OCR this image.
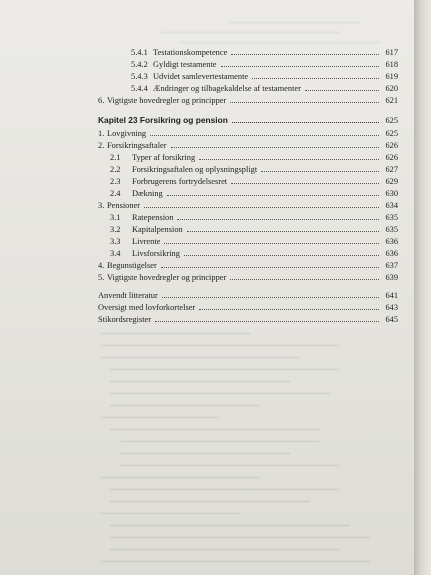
5.4.1 Testationskompetence	617
5.4.2 Gyldigt testamente	618
5.4.3 Udvidet samlevertestamente	619
5.4.4 Ændringer og tilbagekaldelse af testamenter	620
6. Vigtigste hovedregler og principper	621
Kapitel 23 Forsikring og pension	625
1. Lovgivning	625
2. Forsikringsaftaler	626
2.1	Typer af forsikring	626
2.2	Forsikringsaftalen og oplysningspligt	627
2.3	Forbrugerens fortrydelsesret	629
2.4	Dækning	630
3. Pensioner	634
3.1	Ratepension	635
3.2	Kapitalpension	635
3.3	Livrente	636
3.4	Livsforsikring	636
4. Begunstigelser	637
5. Vigtigste hovedregler og principper	639
Anvendt litteratur	641
Oversigt med lovforkortelser	643
Stikordsregister	645
